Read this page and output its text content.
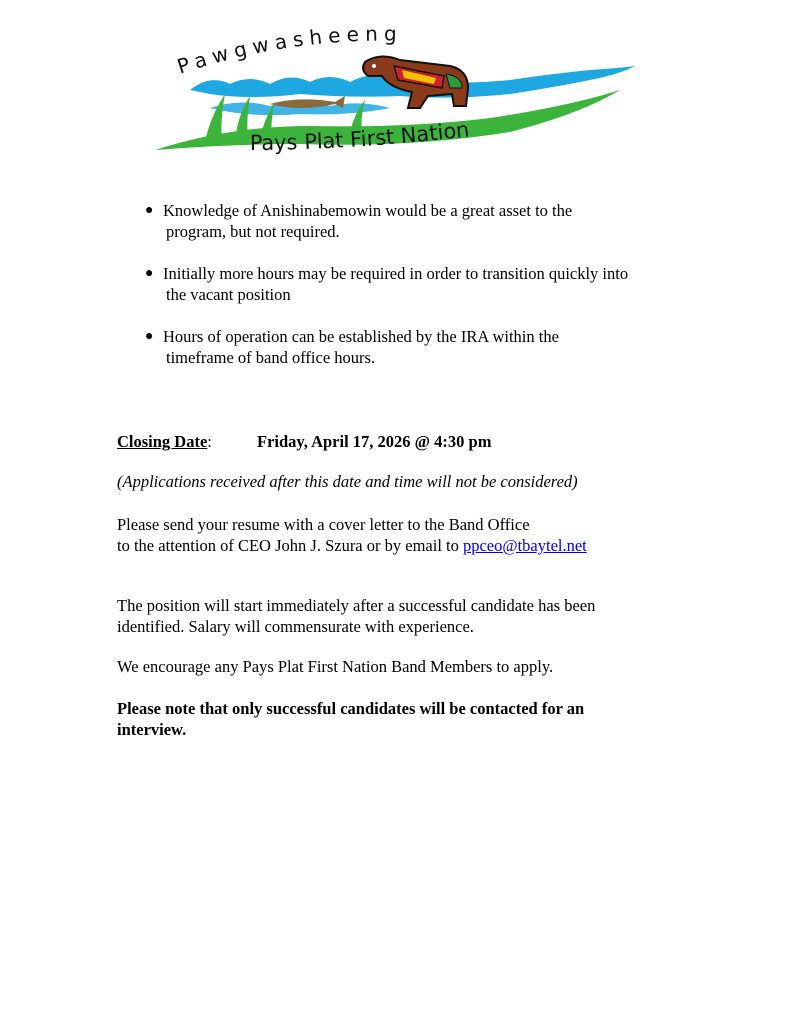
Pawgwasheeng
Pays Plat First Nation
● Knowledge of Anishinabemowin would be a great asset to the
program, but not required.
● Initially more hours may be required in order to transition quickly into
the vacant position
● Hours of operation can be established by the IRA within the
timeframe of band office hours.
Closing Date:	Friday, April 17, 2026 @ 4:30 pm

(Applications received after this date and time will not be considered)

Please send your resume with a cover letter to the Band Office
to the attention of CEO John J. Szura or by email to ppceo@tbaytel.net

The position will start immediately after a successful candidate has been
identified. Salary will commensurate with experience.

We encourage any Pays Plat First Nation Band Members to apply.

Please note that only successful candidates will be contacted for an
interview.
